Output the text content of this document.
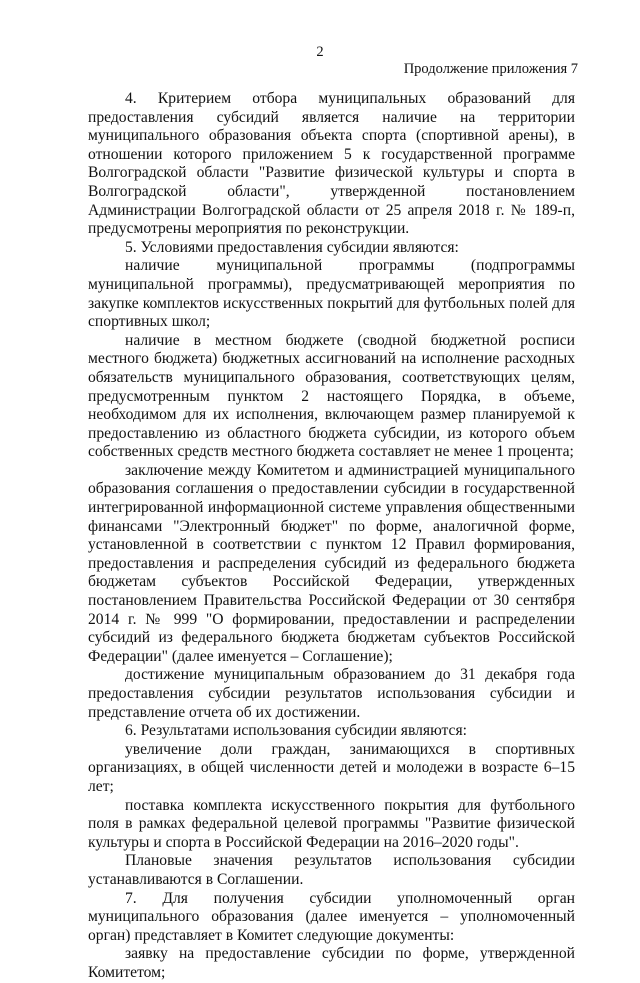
2
Продолжение приложения 7

4. Критерием отбора муниципальных образований для предоставления субсидий является наличие на территории муниципального образования объекта спорта (спортивной арены), в отношении которого приложением 5 к государственной программе Волгоградской области "Развитие физической культуры и спорта в Волгоградской области", утвержденной постановлением Администрации Волгоградской области от 25 апреля 2018 г. № 189-п, предусмотрены мероприятия по реконструкции.

5. Условиями предоставления субсидии являются:

наличие муниципальной программы (подпрограммы муниципальной программы), предусматривающей мероприятия по закупке комплектов искусственных покрытий для футбольных полей для спортивных школ;

наличие в местном бюджете (сводной бюджетной росписи местного бюджета) бюджетных ассигнований на исполнение расходных обязательств муниципального образования, соответствующих целям, предусмотренным пунктом 2 настоящего Порядка, в объеме, необходимом для их исполнения, включающем размер планируемой к предоставлению из областного бюджета субсидии, из которого объем собственных средств местного бюджета составляет не менее 1 процента;

заключение между Комитетом и администрацией муниципального образования соглашения о предоставлении субсидии в государственной интегрированной информационной системе управления общественными финансами "Электронный бюджет" по форме, аналогичной форме, установленной в соответствии с пунктом 12 Правил формирования, предоставления и распределения субсидий из федерального бюджета бюджетам субъектов Российской Федерации, утвержденных постановлением Правительства Российской Федерации от 30 сентября 2014 г. № 999 "О формировании, предоставлении и распределении субсидий из федерального бюджета бюджетам субъектов Российской Федерации" (далее именуется – Соглашение);

достижение муниципальным образованием до 31 декабря года предоставления субсидии результатов использования субсидии и представление отчета об их достижении.

6. Результатами использования субсидии являются:

увеличение доли граждан, занимающихся в спортивных организациях, в общей численности детей и молодежи в возрасте 6–15 лет;

поставка комплекта искусственного покрытия для футбольного поля в рамках федеральной целевой программы "Развитие физической культуры и спорта в Российской Федерации на 2016–2020 годы".

Плановые значения результатов использования субсидии устанавливаются в Соглашении.

7. Для получения субсидии уполномоченный орган муниципального образования (далее именуется – уполномоченный орган) представляет в Комитет следующие документы:

заявку на предоставление субсидии по форме, утвержденной Комитетом;
